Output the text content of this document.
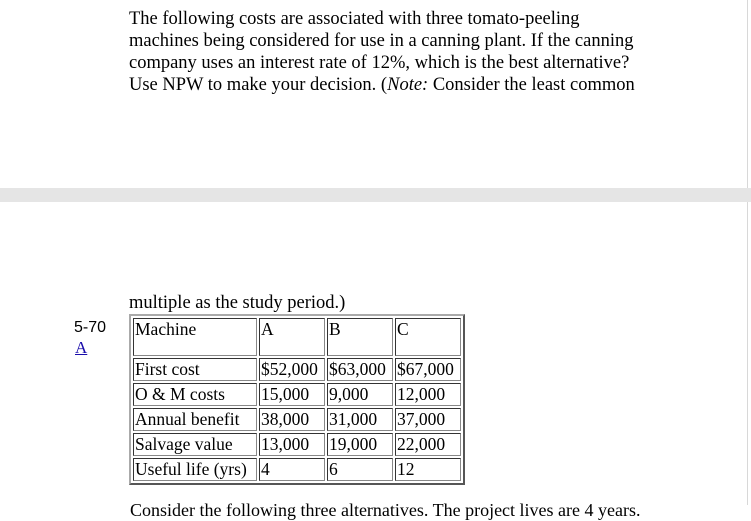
The following costs are associated with three tomato-peeling
machines being considered for use in a canning plant. If the canning
company uses an interest rate of 12%, which is the best alternative?
Use NPW to make your decision. (Note: Consider the least common
multiple as the study period.)
5-70
A
Machine	A	B	C
First cost	$52,000	$63,000	$67,000
O & M costs	15,000	9,000	12,000
Annual benefit	38,000	31,000	37,000
Salvage value	13,000	19,000	22,000
Useful life (yrs)	4	6	12
Consider the following three alternatives. The project lives are 4 years.
